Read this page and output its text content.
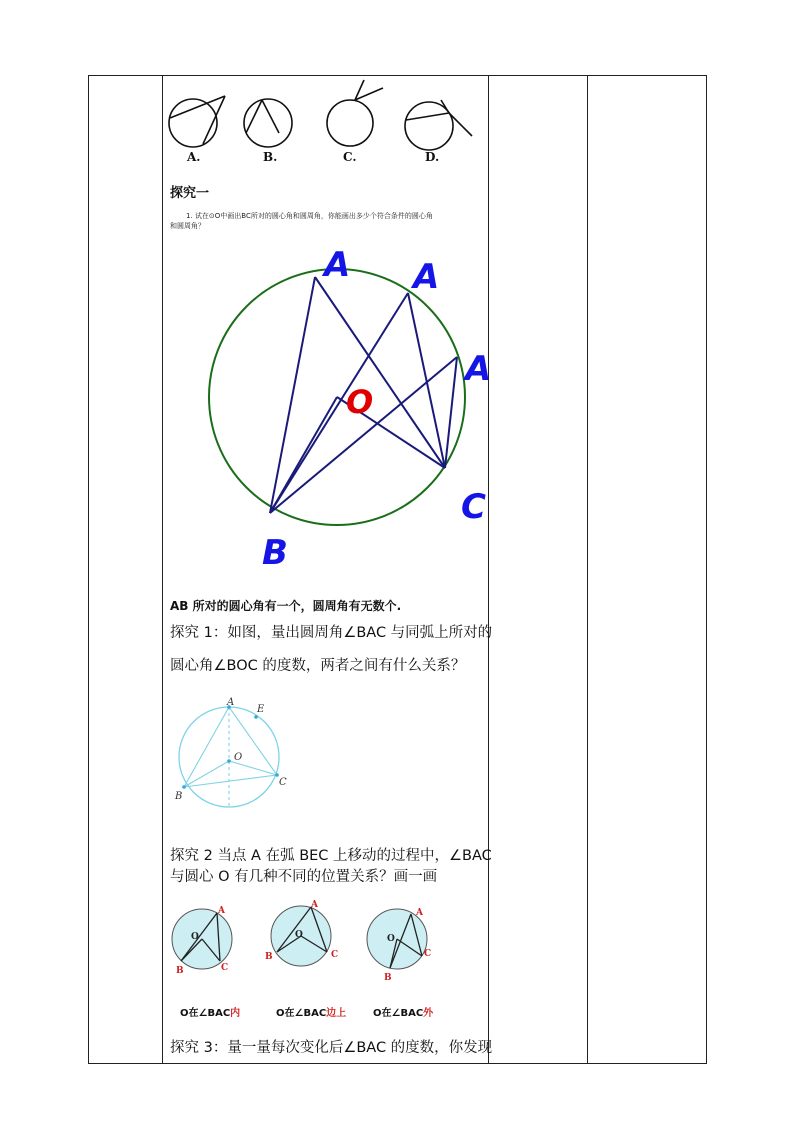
A.	B.	C.	D.
探究一
1. 试在⊙O中画出BC所对的圆心角和圆周角，你能画出多少个符合条件的圆心角
和圆周角？
A A
A
O
C
B
AB 所对的圆心角有一个，圆周角有无数个.
探究 1：如图，量出圆周角∠BAC 与同弧上所对的
圆心角∠BOC 的度数，两者之间有什么关系？
A
E
O
C
B
探究 2 当点 A 在弧 BEC 上移动的过程中，∠BAC
与圆心 O 有几种不同的位置关系？画一画
A
O
B	C
A
O
B	C
A
O
B
C
O在∠BAC内	O在∠BAC边上	O在∠BAC外
探究 3：量一量每次变化后∠BAC 的度数，你发现
